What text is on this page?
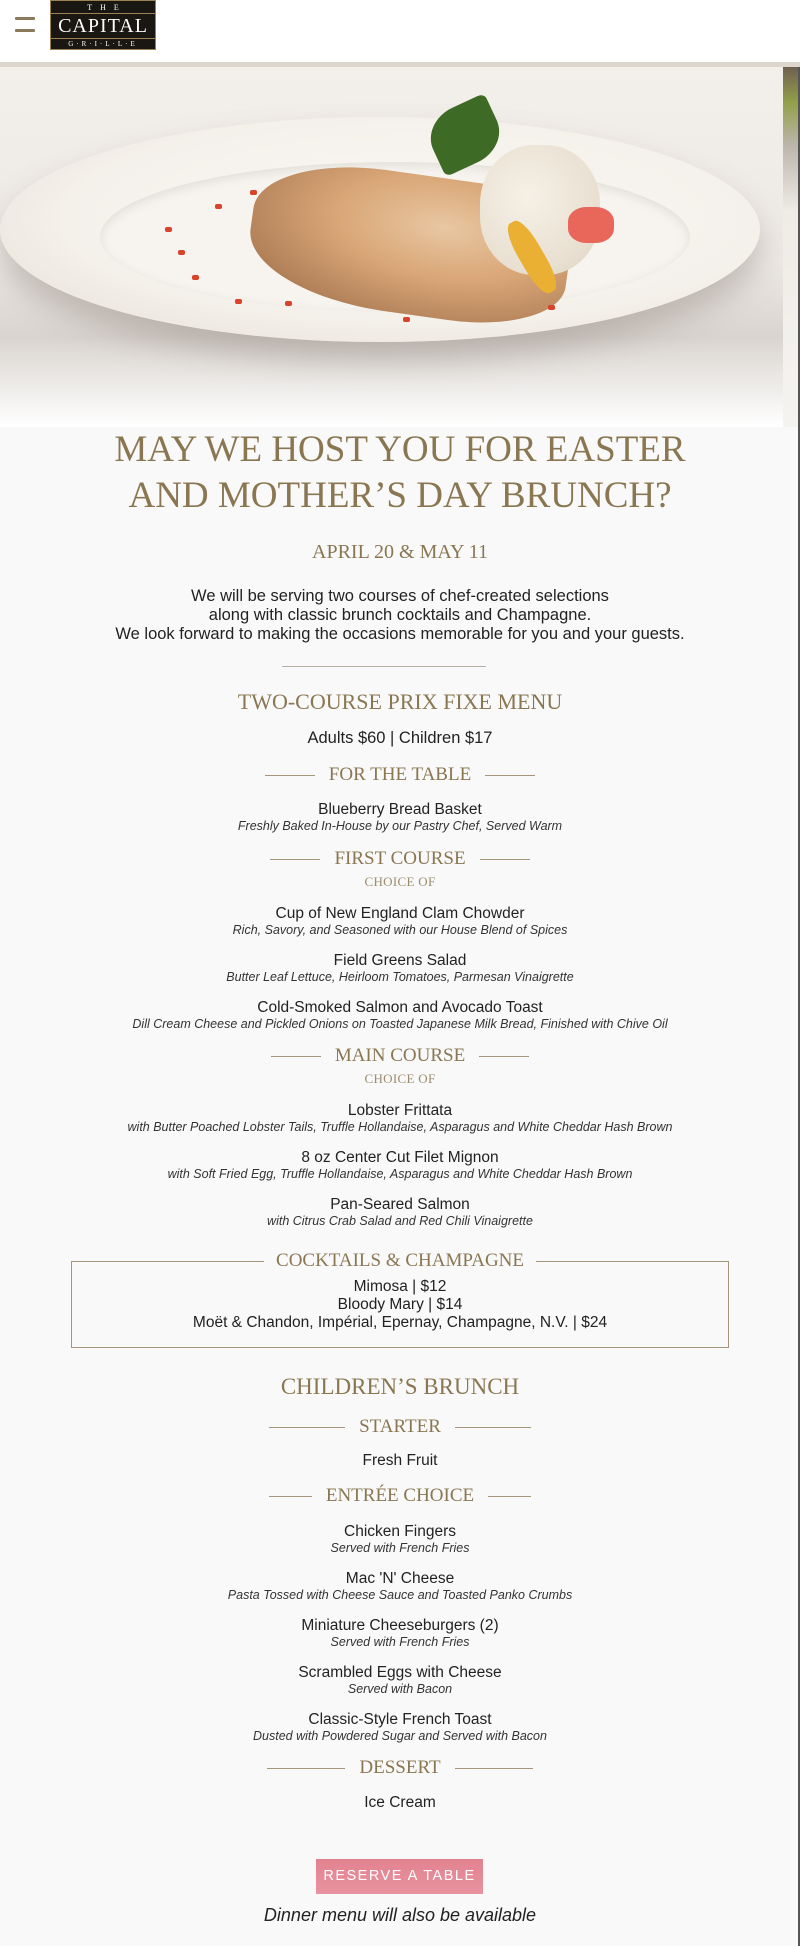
THE
CAPITAL
G·R·I·L·L·E
MAY WE HOST YOU FOR EASTER
AND MOTHER’S DAY BRUNCH?
APRIL 20 & MAY 11
We will be serving two courses of chef-created selections
along with classic brunch cocktails and Champagne.
We look forward to making the occasions memorable for you and your guests.
TWO-COURSE PRIX FIXE MENU
Adults $60 | Children $17
FOR THE TABLE
Blueberry Bread Basket
Freshly Baked In-House by our Pastry Chef, Served Warm
FIRST COURSE
CHOICE OF
Cup of New England Clam Chowder
Rich, Savory, and Seasoned with our House Blend of Spices
Field Greens Salad
Butter Leaf Lettuce, Heirloom Tomatoes, Parmesan Vinaigrette
Cold-Smoked Salmon and Avocado Toast
Dill Cream Cheese and Pickled Onions on Toasted Japanese Milk Bread, Finished with Chive Oil
MAIN COURSE
CHOICE OF
Lobster Frittata
with Butter Poached Lobster Tails, Truffle Hollandaise, Asparagus and White Cheddar Hash Brown
8 oz Center Cut Filet Mignon
with Soft Fried Egg, Truffle Hollandaise, Asparagus and White Cheddar Hash Brown
Pan-Seared Salmon
with Citrus Crab Salad and Red Chili Vinaigrette
COCKTAILS & CHAMPAGNE
Mimosa | $12
Bloody Mary | $14
Moët & Chandon, Impérial, Epernay, Champagne, N.V. | $24
CHILDREN’S BRUNCH
STARTER
Fresh Fruit
ENTRÉE CHOICE
Chicken Fingers
Served with French Fries
Mac 'N' Cheese
Pasta Tossed with Cheese Sauce and Toasted Panko Crumbs
Miniature Cheeseburgers (2)
Served with French Fries
Scrambled Eggs with Cheese
Served with Bacon
Classic-Style French Toast
Dusted with Powdered Sugar and Served with Bacon
DESSERT
Ice Cream
RESERVE A TABLE
Dinner menu will also be available
